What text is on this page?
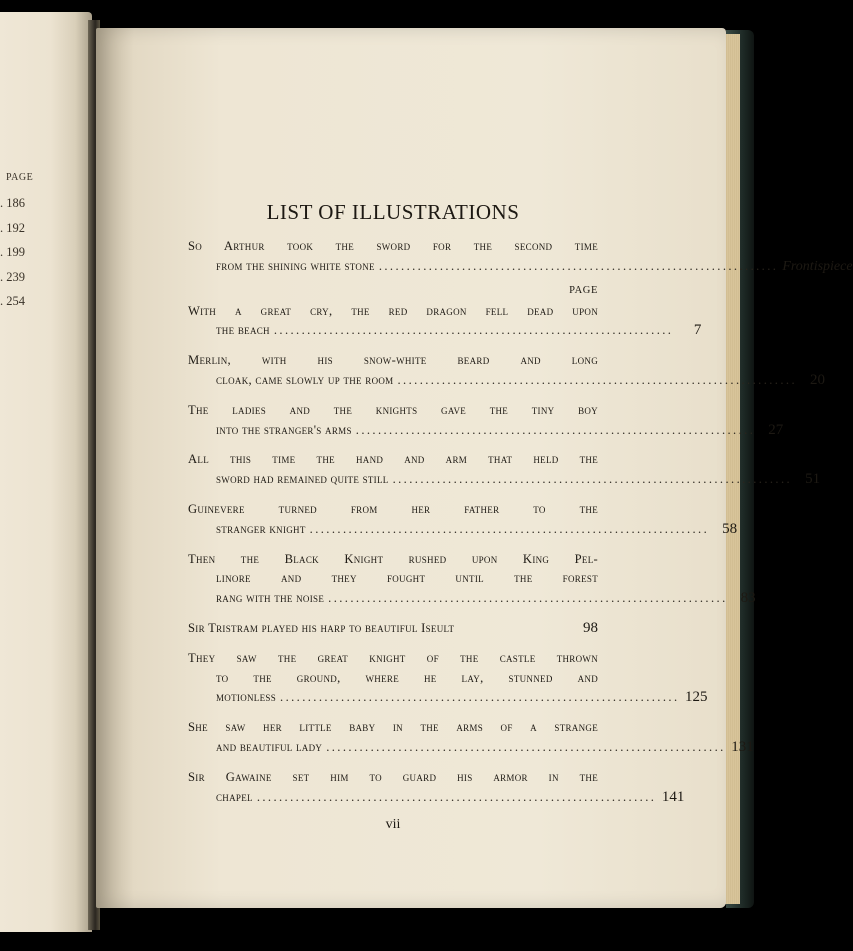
PAGE
. 186
. 192
. 199
. 239
. 254
LIST OF ILLUSTRATIONS
So Arthur took the sword for the second time
from the shining white stone ........................................................................ Frontispiece
PAGE
With a great cry, the red dragon fell dead upon
the beach ........................................................................	7
Merlin, with his snow-white beard and long
cloak, came slowly up the room ........................................................................ 20
The ladies and the knights gave the tiny boy
into the stranger's arms ........................................................................ 27
All this time the hand and arm that held the
sword had remained quite still ........................................................................ 51
Guinevere turned from her father to the
stranger knight ........................................................................ 58
Then the Black Knight rushed upon King Pel-
linore and they fought until the forest
rang with the noise ........................................................................ 83
Sir Tristram played his harp to beautiful Iseult	98
They saw the great knight of the castle thrown
to the ground, where he lay, stunned and
motionless ........................................................................ 125
She saw her little baby in the arms of a strange
and beautiful lady ........................................................................ 131
Sir Gawaine set him to guard his armor in the
chapel ........................................................................ 141
vii
